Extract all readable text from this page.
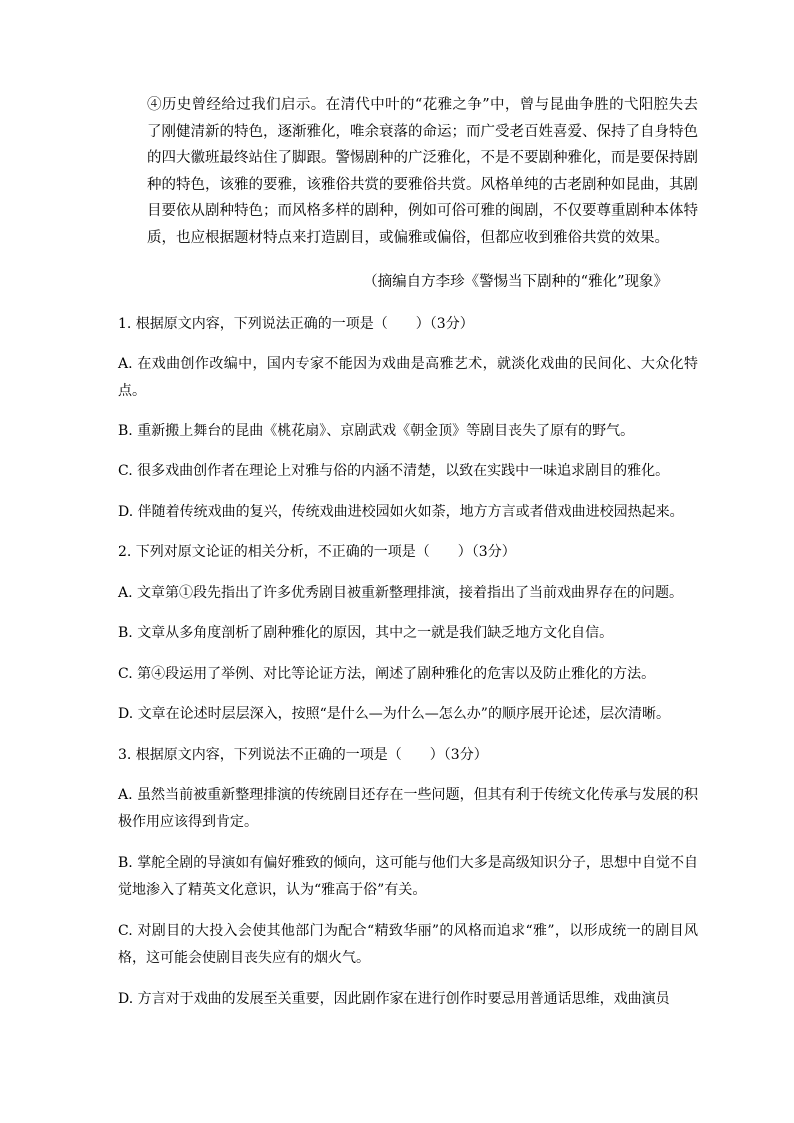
④历史曾经给过我们启示。在清代中叶的“花雅之争”中，曾与昆曲争胜的弋阳腔失去了刚健清新的特色，逐渐雅化，唯余衰落的命运；而广受老百姓喜爱、保持了自身特色的四大徽班最终站住了脚跟。警惕剧种的广泛雅化，不是不要剧种雅化，而是要保持剧种的特色，该雅的要雅，该雅俗共赏的要雅俗共赏。风格单纯的古老剧种如昆曲，其剧目要依从剧种特色；而风格多样的剧种，例如可俗可雅的闽剧，不仅要尊重剧种本体特质，也应根据题材特点来打造剧目，或偏雅或偏俗，但都应收到雅俗共赏的效果。
（摘编自方李珍《警惕当下剧种的“雅化”现象》
1. 根据原文内容，下列说法正确的一项是（　　）（3分）
A. 在戏曲创作改编中，国内专家不能因为戏曲是高雅艺术，就淡化戏曲的民间化、大众化特点。
B. 重新搬上舞台的昆曲《桃花扇》、京剧武戏《朝金顶》等剧目丧失了原有的野气。
C. 很多戏曲创作者在理论上对雅与俗的内涵不清楚，以致在实践中一味追求剧目的雅化。
D. 伴随着传统戏曲的复兴，传统戏曲进校园如火如荼，地方方言或者借戏曲进校园热起来。
2. 下列对原文论证的相关分析，不正确的一项是（　　）（3分）
A. 文章第①段先指出了许多优秀剧目被重新整理排演，接着指出了当前戏曲界存在的问题。
B. 文章从多角度剖析了剧种雅化的原因，其中之一就是我们缺乏地方文化自信。
C. 第④段运用了举例、对比等论证方法，阐述了剧种雅化的危害以及防止雅化的方法。
D. 文章在论述时层层深入，按照“是什么—为什么—怎么办”的顺序展开论述，层次清晰。
3. 根据原文内容，下列说法不正确的一项是（　　）（3分）
A. 虽然当前被重新整理排演的传统剧目还存在一些问题，但其有利于传统文化传承与发展的积极作用应该得到肯定。
B. 掌舵全剧的导演如有偏好雅致的倾向，这可能与他们大多是高级知识分子，思想中自觉不自觉地渗入了精英文化意识，认为“雅高于俗”有关。
C. 对剧目的大投入会使其他部门为配合“精致华丽”的风格而追求“雅”，以形成统一的剧目风格，这可能会使剧目丧失应有的烟火气。
D. 方言对于戏曲的发展至关重要，因此剧作家在进行创作时要忌用普通话思维，戏曲演员
